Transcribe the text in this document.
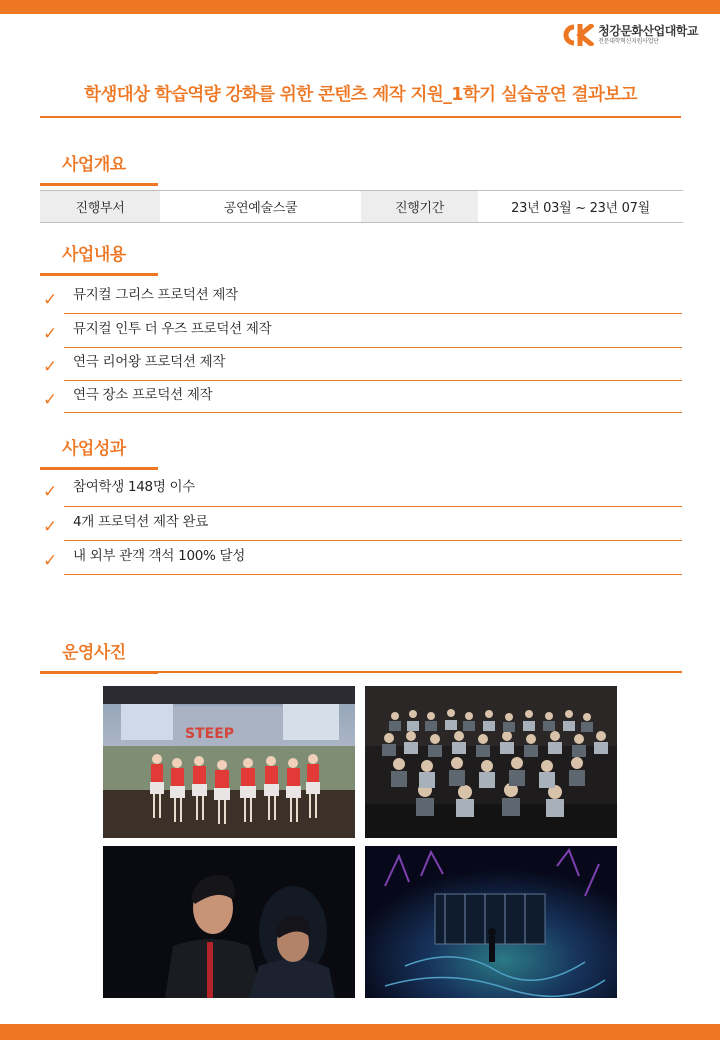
청강문화산업대학교
전문대학혁신지원사업단
학생대상 학습역량 강화를 위한 콘텐츠 제작 지원_1학기 실습공연 결과보고
사업개요
진행부서	공연예술스쿨	진행기간	23년 03월 ~ 23년 07월
사업내용
✓ 뮤지컬 그리스 프로덕션 제작
✓ 뮤지컬 인투 더 우즈 프로덕션 제작
✓ 연극 리어왕 프로덕션 제작
✓ 연극 장소 프로덕션 제작
사업성과
✓ 참여학생 148명 이수
✓ 4개 프로덕션 제작 완료
✓ 내 외부 관객 객석 100% 달성
운영사진
STEEP
